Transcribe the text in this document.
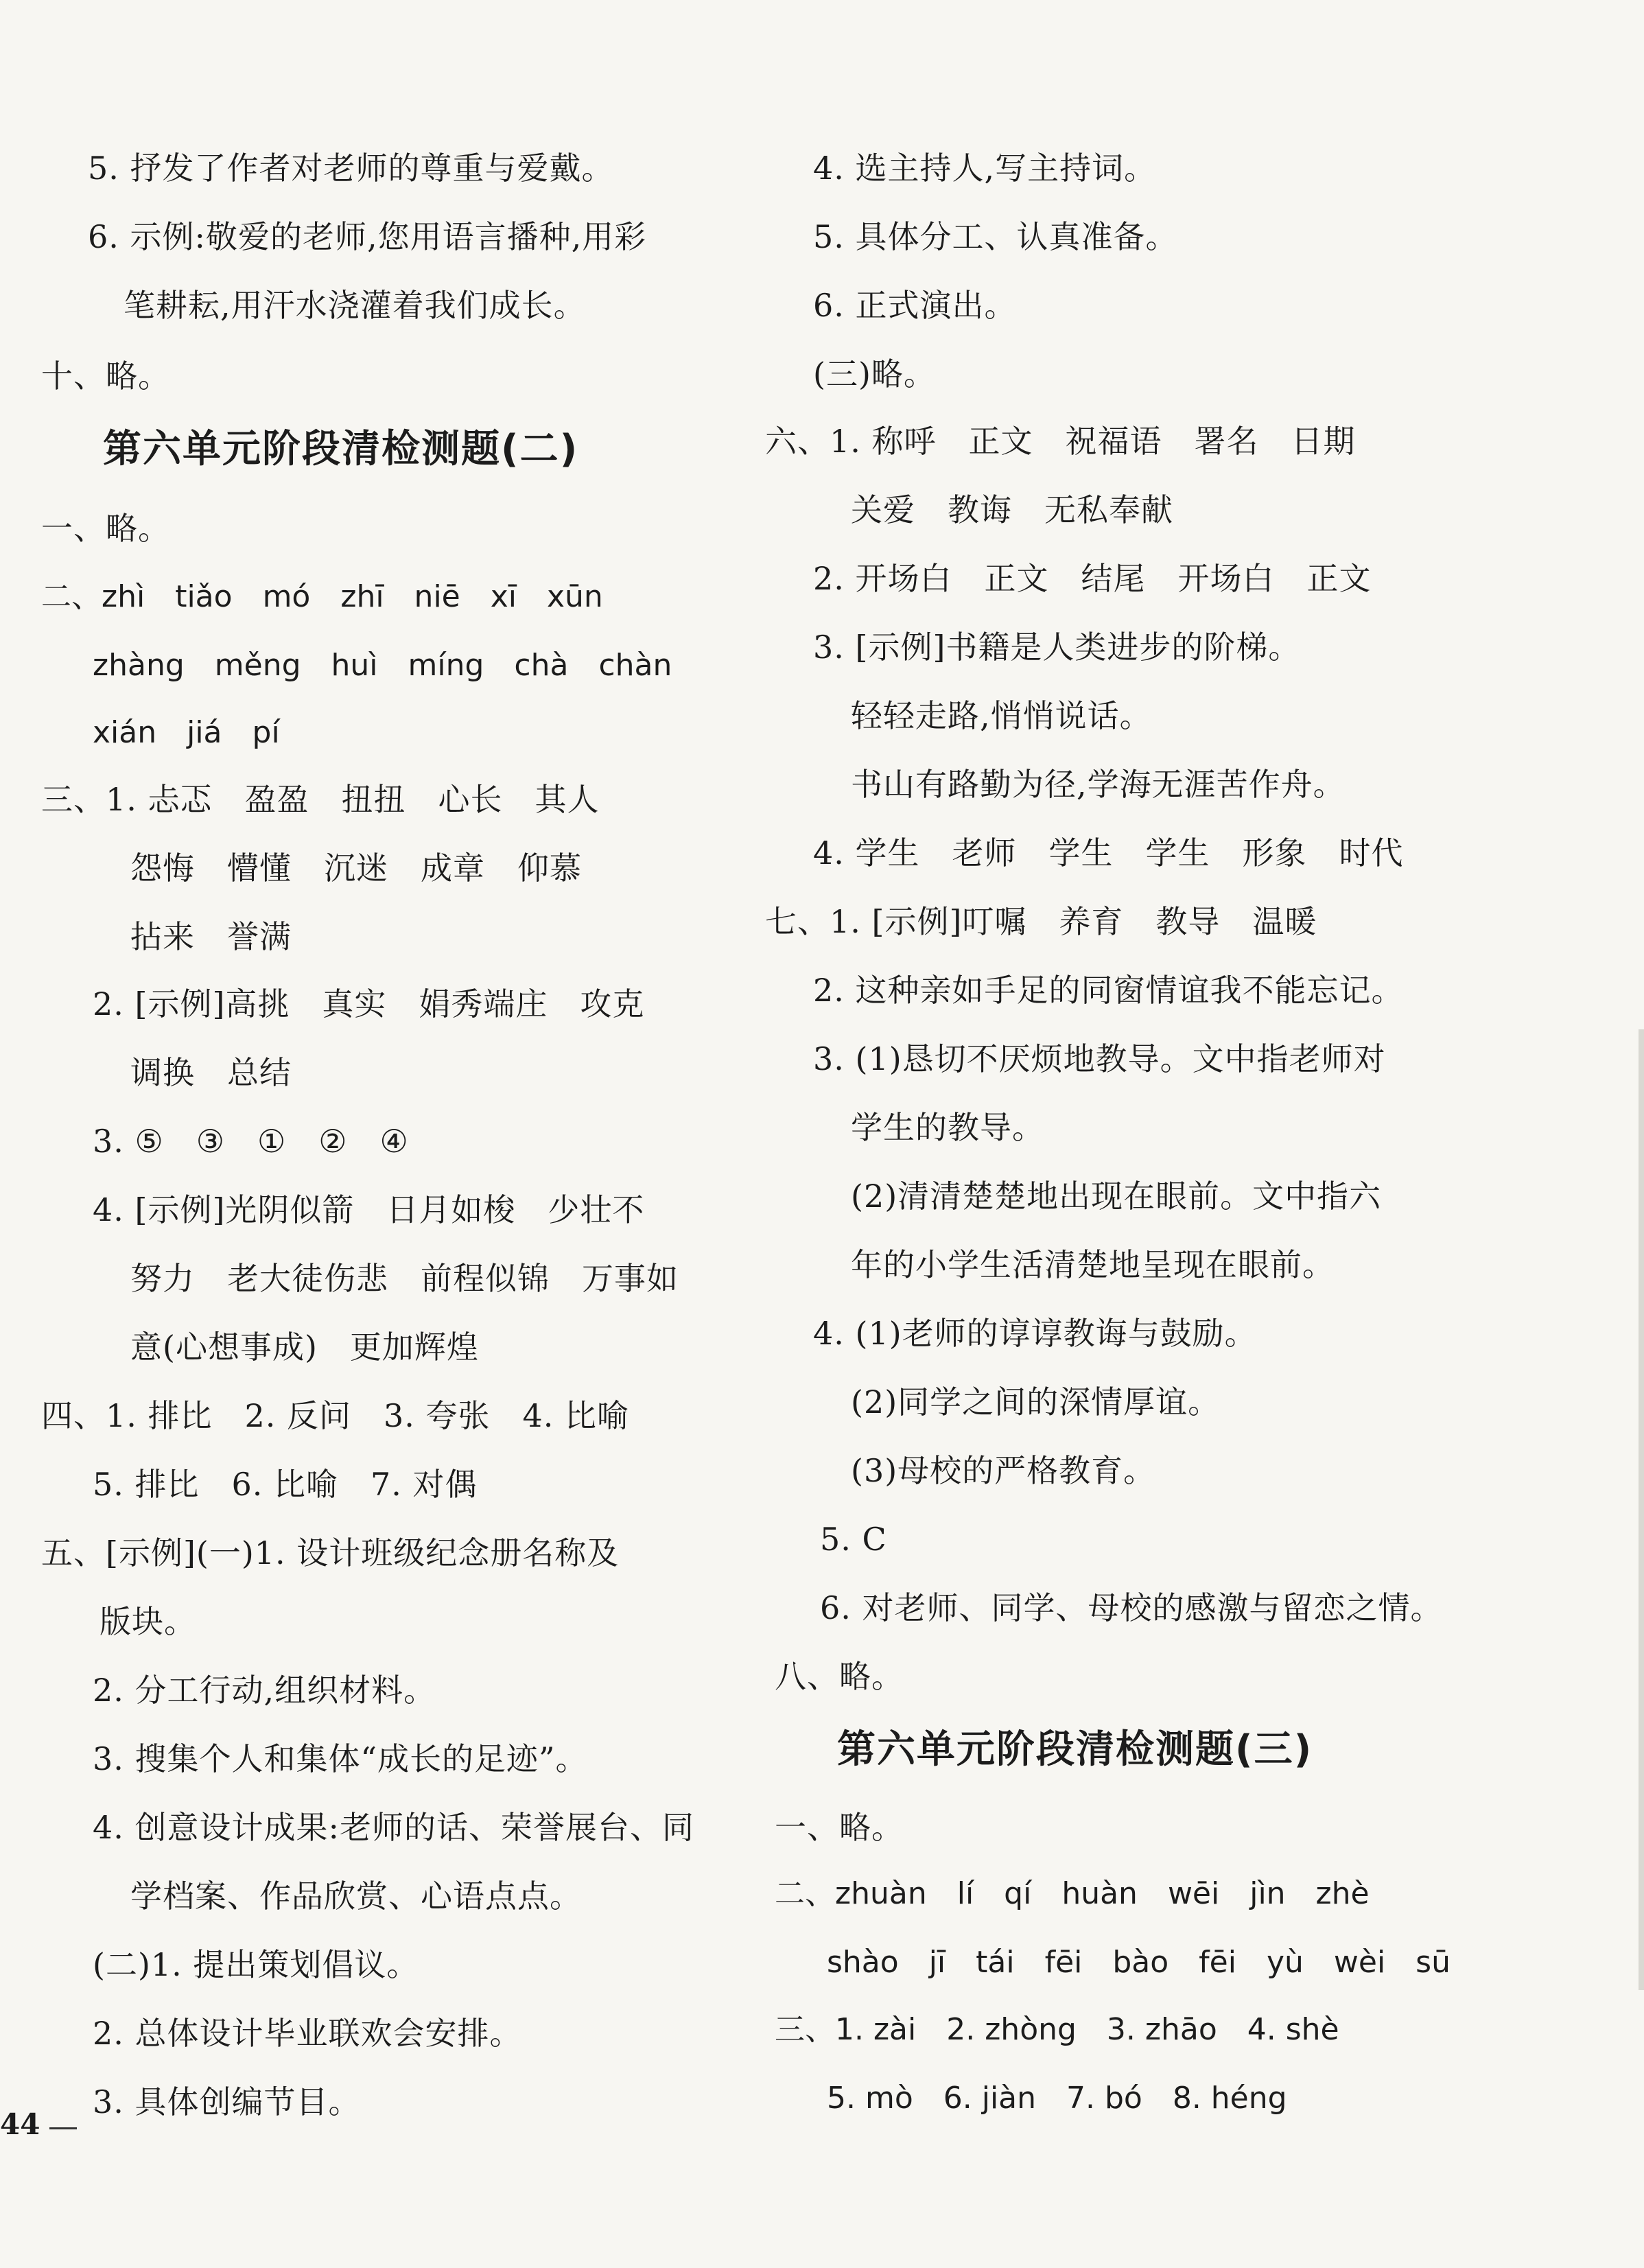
5. 抒发了作者对老师的尊重与爱戴。
6. 示例:敬爱的老师,您用语言播种,用彩
笔耕耘,用汗水浇灌着我们成长。
十、略。
第六单元阶段清检测题(二)
一、略。
二、zhì　tiǎo　mó　zhī　niē　xī　xūn
zhàng　měng　huì　míng　chà　chàn
xián　jiá　pí
三、1. 忐忑　盈盈　扭扭　心长　其人
怨悔　懵懂　沉迷　成章　仰慕
拈来　誉满
2. [示例]高挑　真实　娟秀端庄　攻克
调换　总结
3. ⑤　③　①　②　④
4. [示例]光阴似箭　日月如梭　少壮不
努力　老大徒伤悲　前程似锦　万事如
意(心想事成)　更加辉煌
四、1. 排比　2. 反问　3. 夸张　4. 比喻
5. 排比　6. 比喻　7. 对偶
五、[示例](一)1. 设计班级纪念册名称及
版块。
2. 分工行动,组织材料。
3. 搜集个人和集体“成长的足迹”。
4. 创意设计成果:老师的话、荣誉展台、同
学档案、作品欣赏、心语点点。
(二)1. 提出策划倡议。
2. 总体设计毕业联欢会安排。
3. 具体创编节目。
44
4. 选主持人,写主持词。
5. 具体分工、认真准备。
6. 正式演出。
(三)略。
六、1. 称呼　正文　祝福语　署名　日期
关爱　教诲　无私奉献
2. 开场白　正文　结尾　开场白　正文
3. [示例]书籍是人类进步的阶梯。
轻轻走路,悄悄说话。
书山有路勤为径,学海无涯苦作舟。
4. 学生　老师　学生　学生　形象　时代
七、1. [示例]叮嘱　养育　教导　温暖
2. 这种亲如手足的同窗情谊我不能忘记。
3. (1)恳切不厌烦地教导。文中指老师对
学生的教导。
(2)清清楚楚地出现在眼前。文中指六
年的小学生活清楚地呈现在眼前。
4. (1)老师的谆谆教诲与鼓励。
(2)同学之间的深情厚谊。
(3)母校的严格教育。
5. C
6. 对老师、同学、母校的感激与留恋之情。
八、略。
第六单元阶段清检测题(三)
一、略。
二、zhuàn　lí　qí　huàn　wēi　jìn　zhè
shào　jī　tái　fēi　bào　fēi　yù　wèi　sū
三、1. zài　2. zhòng　3. zhāo　4. shè
5. mò　6. jiàn　7. bó　8. héng
